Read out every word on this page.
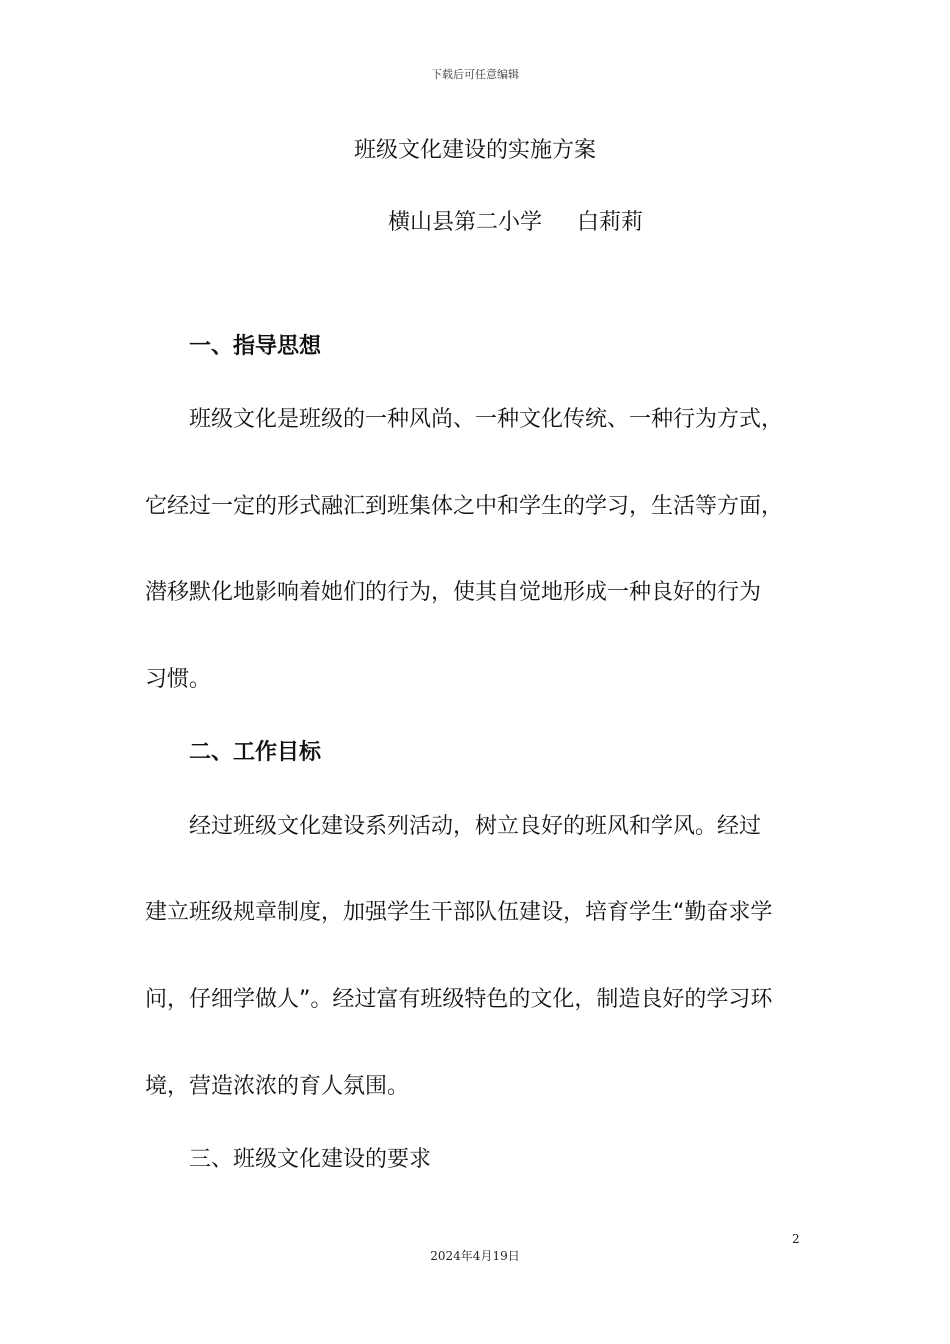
下载后可任意编辑
班级文化建设的实施方案
横山县第二小学     白莉莉
一、指导思想
班级文化是班级的一种风尚、一种文化传统、一种行为方式，
它经过一定的形式融汇到班集体之中和学生的学习，生活等方面，
潜移默化地影响着她们的行为，使其自觉地形成一种良好的行为
习惯。
二、工作目标
经过班级文化建设系列活动，树立良好的班风和学风。经过
建立班级规章制度，加强学生干部队伍建设，培育学生“勤奋求学
问，仔细学做人”。经过富有班级特色的文化，制造良好的学习环
境，营造浓浓的育人氛围。
三、班级文化建设的要求
2
2024年4月19日
